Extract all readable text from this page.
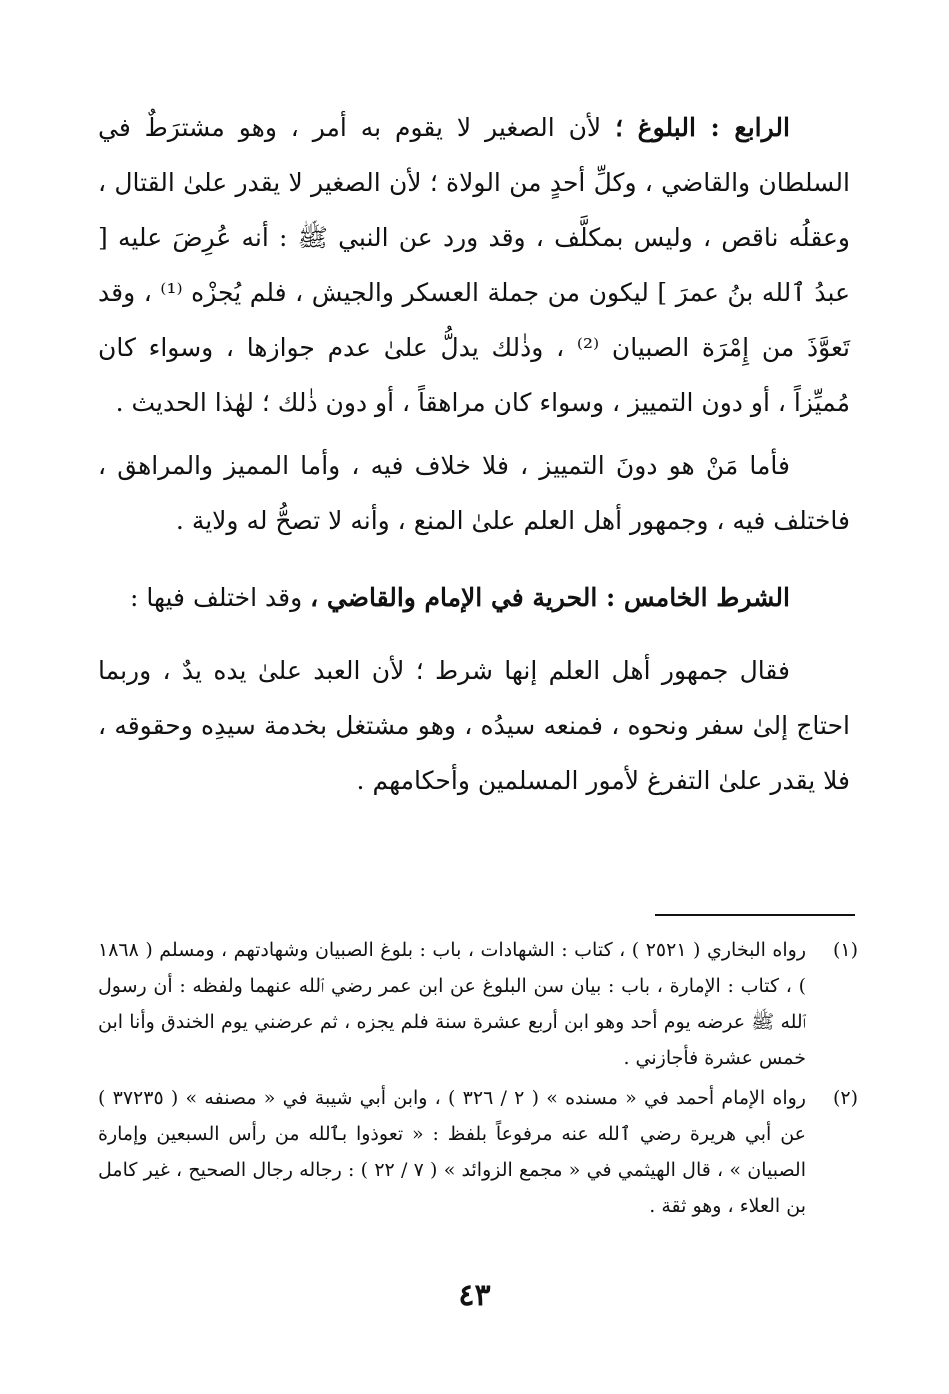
الرابع : البلوغ ؛ لأن الصغير لا يقوم به أمر ، وهو مشترَطٌ في السلطان والقاضي ، وكلِّ أحدٍ من الولاة ؛ لأن الصغير لا يقدر علىٰ القتال ، وعقلُه ناقص ، وليس بمكلَّف ، وقد ورد عن النبي ﷺ : أنه عُرِضَ عليه [ عبدُ ٱلله بنُ عمرَ ] ليكون من جملة العسكر والجيش ، فلم يُجزْه ⁽¹⁾ ، وقد تَعوَّذَ من إِمْرَة الصبيان ⁽²⁾ ، وذٰلك يدلُّ علىٰ عدم جوازها ، وسواء كان مُميِّزاً ، أو دون التمييز ، وسواء كان مراهقاً ، أو دون ذٰلك ؛ لهٰذا الحديث .

فأما مَنْ هو دونَ التمييز ، فلا خلاف فيه ، وأما المميز والمراهق ، فاختلف فيه ، وجمهور أهل العلم علىٰ المنع ، وأنه لا تصحُّ له ولاية .

الشرط الخامس : الحرية في الإمام والقاضي ، وقد اختلف فيها :

فقال جمهور أهل العلم إنها شرط ؛ لأن العبد علىٰ يده يدٌ ، وربما احتاج إلىٰ سفر ونحوه ، فمنعه سيدُه ، وهو مشتغل بخدمة سيدِه وحقوقه ، فلا يقدر علىٰ التفرغ لأمور المسلمين وأحكامهم .

(١)
رواه البخاري ( ٢٥٢١ ) ، كتاب : الشهادات ، باب : بلوغ الصبيان وشهادتهم ، ومسلم ( ١٨٦٨ ) ، كتاب : الإمارة ، باب : بيان سن البلوغ عن ابن عمر رضي ٱلله عنهما ولفظه : أن رسول ٱلله ﷺ عرضه يوم أحد وهو ابن أربع عشرة سنة فلم يجزه ، ثم عرضني يوم الخندق وأنا ابن خمس عشرة فأجازني .
(٢)
رواه الإمام أحمد في « مسنده » ( ٢ / ٣٢٦ ) ، وابن أبي شيبة في « مصنفه » ( ٣٧٢٣٥ ) عن أبي هريرة رضي ٱلله عنه مرفوعاً بلفظ : « تعوذوا بٱلله من رأس السبعين وإمارة الصبيان » ، قال الهيثمي في « مجمع الزوائد » ( ٧ / ٢٢ ) : رجاله رجال الصحيح ، غير كامل بن العلاء ، وهو ثقة .
٤٣
